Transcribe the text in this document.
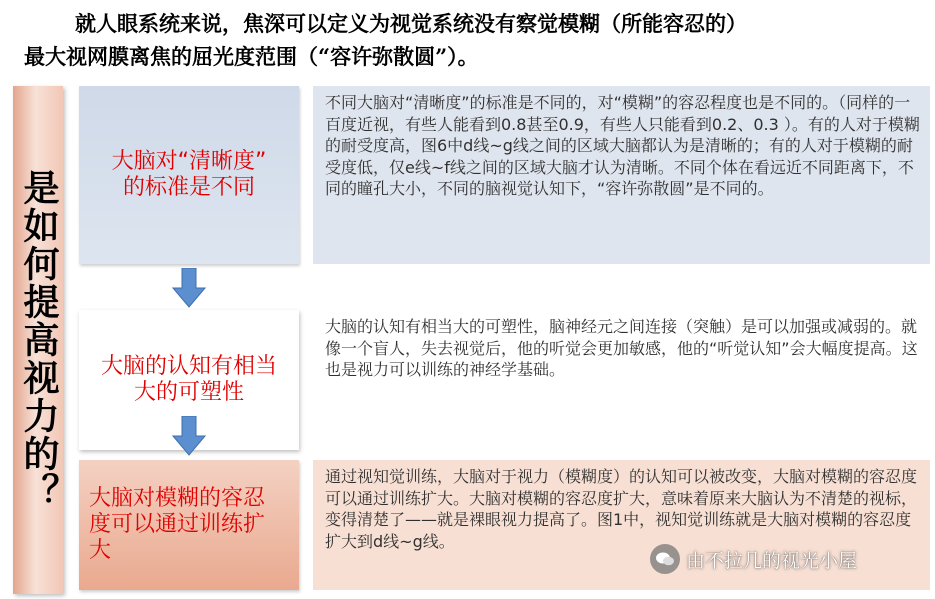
就人眼系统来说，焦深可以定义为视觉系统没有察觉模糊（所能容忍的）
最大视网膜离焦的屈光度范围（“容许弥散圆”）。
是如何提高视力的？
大脑对“清晰度”
的标准是不同
不同大脑对“清晰度”的标准是不同的，对“模糊”的容忍程度也是不同的。（同样的一百度近视，有些人能看到0.8甚至0.9，有些人只能看到0.2、0.3 ）。有的人对于模糊的耐受度高，图6中d线~g线之间的区域大脑都认为是清晰的；有的人对于模糊的耐受度低，仅e线~f线之间的区域大脑才认为清晰。不同个体在看远近不同距离下，不同的瞳孔大小，不同的脑视觉认知下，“容许弥散圆”是不同的。
大脑的认知有相当
大的可塑性
大脑的认知有相当大的可塑性，脑神经元之间连接（突触）是可以加强或减弱的。就像一个盲人，失去视觉后，他的听觉会更加敏感，他的“听觉认知”会大幅度提高。这也是视力可以训练的神经学基础。
大脑对模糊的容忍
度可以通过训练扩
大
通过视知觉训练，大脑对于视力（模糊度）的认知可以被改变，大脑对模糊的容忍度可以通过训练扩大。大脑对模糊的容忍度扩大，意味着原来大脑认为不清楚的视标，变得清楚了——就是裸眼视力提高了。图1中，视知觉训练就是大脑对模糊的容忍度扩大到d线~g线。
由不拉几的视光小屋
